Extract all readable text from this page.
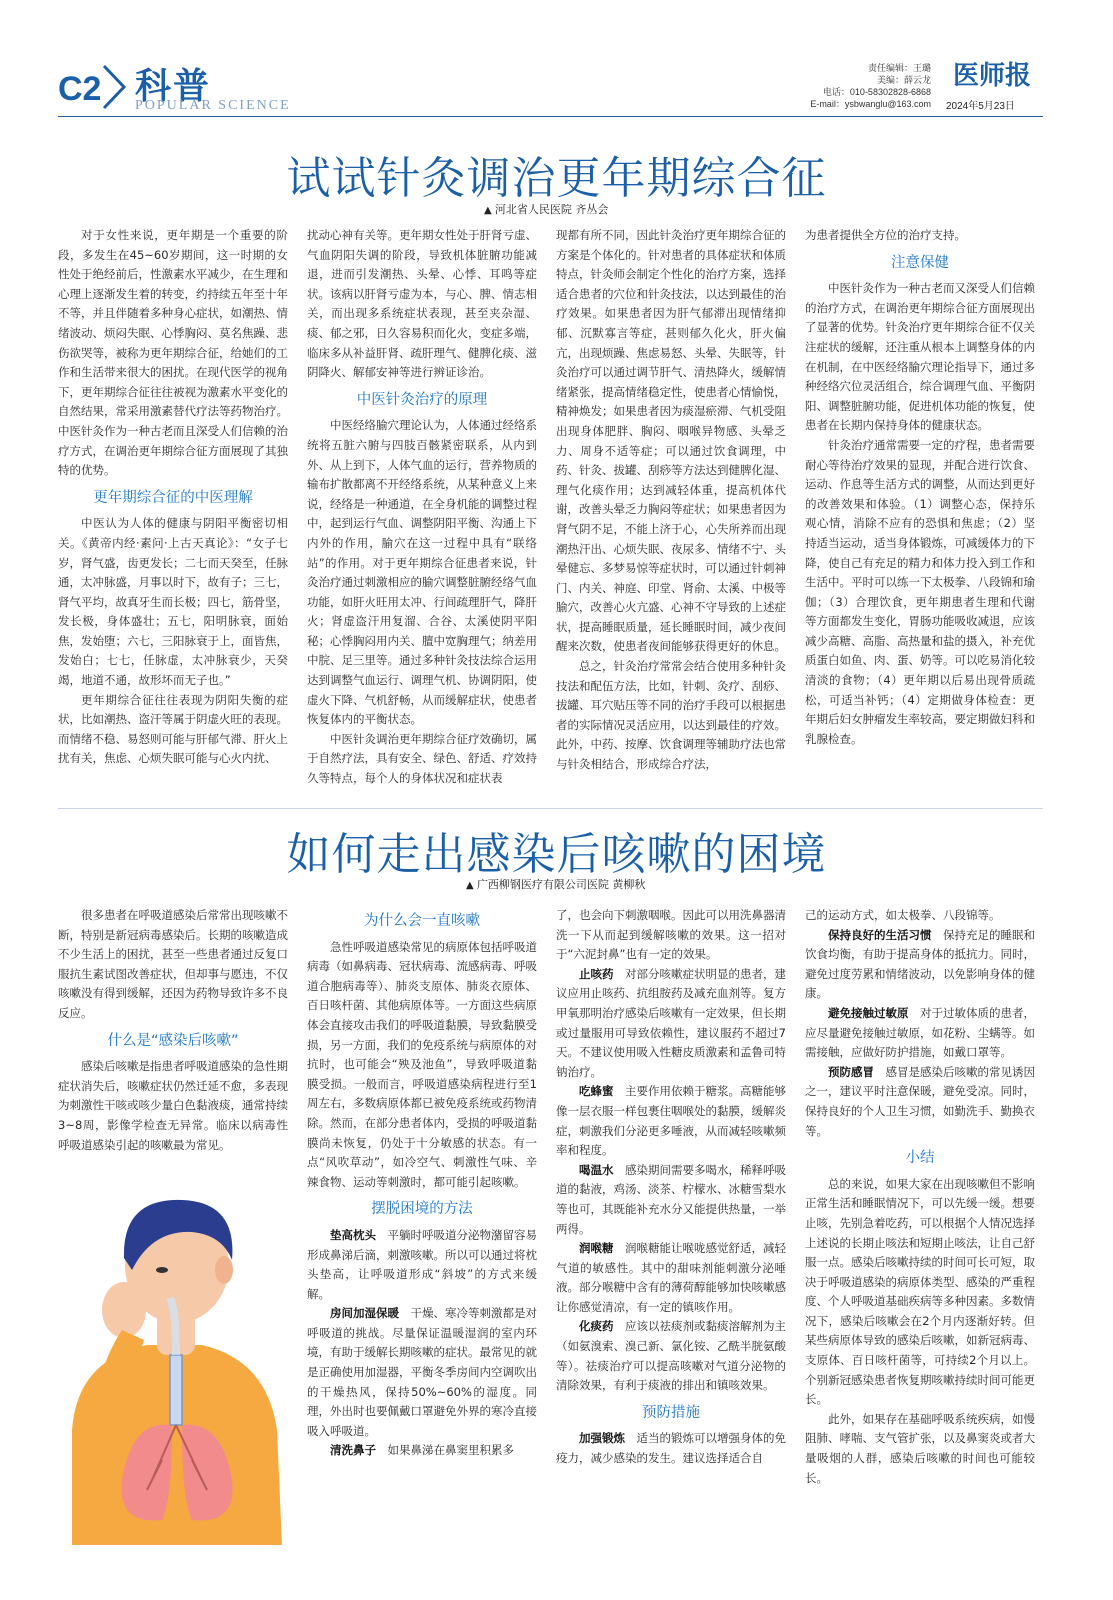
C2 科普
POPULAR SCIENCE
责任编辑：王璐
美编：薛云龙
电话：010-58302828-6868
E-mail：ysbwanglu@163.com
医师报
2024年5月23日
试试针灸调治更年期综合征
▲ 河北省人民医院 齐丛会

对于女性来说，更年期是一个重要的阶段，多发生在45~60岁期间，这一时期的女性处于绝经前后，性激素水平减少，在生理和心理上逐渐发生着的转变，约持续五年至十年不等，并且伴随着多种身心症状，如潮热、情绪波动、烦闷失眠、心悸胸闷、莫名焦躁、悲伤欲哭等，被称为更年期综合征，给她们的工作和生活带来很大的困扰。在现代医学的视角下，更年期综合征往往被视为激素水平变化的自然结果，常采用激素替代疗法等药物治疗。中医针灸作为一种古老而且深受人们信赖的治疗方式，在调治更年期综合征方面展现了其独特的优势。

更年期综合征的中医理解

中医认为人体的健康与阴阳平衡密切相关。《黄帝内经·素问·上古天真论》：“女子七岁，肾气盛，齿更发长；二七而天癸至，任脉通，太冲脉盛，月事以时下，故有子；三七，肾气平均，故真牙生而长极；四七，筋骨坚，发长极，身体盛壮；五七，阳明脉衰，面始焦，发始堕；六七，三阳脉衰于上，面皆焦，发始白；七七，任脉虚，太冲脉衰少，天癸竭，地道不通，故形坏而无子也。”

更年期综合征往往表现为阴阳失衡的症状，比如潮热、盗汗等属于阴虚火旺的表现。而情绪不稳、易怒则可能与肝郁气滞、肝火上扰有关，焦虑、心烦失眠可能与心火内扰、

扰动心神有关等。更年期女性处于肝肾亏虚、气血阴阳失调的阶段，导致机体脏腑功能减退，进而引发潮热、头晕、心悸、耳鸣等症状。该病以肝肾亏虚为本，与心、脾、情志相关，而出现多系统症状表现，甚至夹杂湿、痰、郁之邪，日久容易积而化火，变症多端，临床多从补益肝肾、疏肝理气、健脾化痰、滋阴降火、解郁安神等进行辨证诊治。

中医针灸治疗的原理

中医经络腧穴理论认为，人体通过经络系统将五脏六腑与四肢百骸紧密联系，从内到外、从上到下，人体气血的运行，营养物质的输布扩散都离不开经络系统，从某种意义上来说，经络是一种通道，在全身机能的调整过程中，起到运行气血、调整阴阳平衡、沟通上下内外的作用，腧穴在这一过程中具有“联络站”的作用。对于更年期综合征患者来说，针灸治疗通过刺激相应的腧穴调整脏腑经络气血功能，如肝火旺用太冲、行间疏理肝气，降肝火；肾虚盗汗用复溜、合谷、太溪使阴平阳秘；心悸胸闷用内关、膻中宽胸理气；纳差用中脘、足三里等。通过多种针灸技法综合运用达到调整气血运行、调理气机、协调阴阳，使虚火下降、气机舒畅，从而缓解症状，使患者恢复体内的平衡状态。

中医针灸调治更年期综合征疗效确切，属于自然疗法，具有安全、绿色、舒适、疗效持久等特点，每个人的身体状况和症状表

现都有所不同，因此针灸治疗更年期综合征的方案是个体化的。针对患者的具体症状和体质特点，针灸师会制定个性化的治疗方案，选择适合患者的穴位和针灸技法，以达到最佳的治疗效果。如果患者因为肝气郁滞出现情绪抑郁、沉默寡言等症，甚则郁久化火，肝火偏亢，出现烦躁、焦虑易怒、头晕、失眠等，针灸治疗可以通过调节肝气、清热降火，缓解情绪紧张，提高情绪稳定性，使患者心情愉悦，精神焕发；如果患者因为痰湿瘀滞、气机受阻出现身体肥胖、胸闷、咽喉异物感、头晕乏力、周身不适等症；可以通过饮食调理，中药、针灸、拔罐、刮痧等方法达到健脾化湿、理气化痰作用；达到减轻体重，提高机体代谢，改善头晕乏力胸闷等症状；如果患者因为肾气阴不足，不能上济于心，心失所养而出现潮热汗出、心烦失眠、夜尿多、情绪不宁、头晕健忘、多梦易惊等症状时，可以通过针刺神门、内关、神庭、印堂、肾俞、太溪、中极等腧穴，改善心火亢盛、心神不守导致的上述症状，提高睡眠质量，延长睡眠时间，减少夜间醒来次数，使患者夜间能够获得更好的休息。

总之，针灸治疗常常会结合使用多种针灸技法和配伍方法，比如，针刺、灸疗、刮痧、拔罐、耳穴贴压等不同的治疗手段可以根据患者的实际情况灵活应用，以达到最佳的疗效。此外，中药、按摩、饮食调理等辅助疗法也常与针灸相结合，形成综合疗法，

为患者提供全方位的治疗支持。

注意保健

中医针灸作为一种古老而又深受人们信赖的治疗方式，在调治更年期综合征方面展现出了显著的优势。针灸治疗更年期综合征不仅关注症状的缓解，还注重从根本上调整身体的内在机制，在中医经络腧穴理论指导下，通过多种经络穴位灵活组合，综合调理气血、平衡阴阳、调整脏腑功能，促进机体功能的恢复，使患者在长期内保持身体的健康状态。

针灸治疗通常需要一定的疗程，患者需要耐心等待治疗效果的显现，并配合进行饮食、运动、作息等生活方式的调整，从而达到更好的改善效果和体验。（1）调整心态，保持乐观心情，消除不应有的恐惧和焦虑；（2）坚持适当运动，适当身体锻炼，可减缓体力的下降，使自己有充足的精力和体力投入到工作和生活中。平时可以练一下太极拳、八段锦和瑜伽；（3）合理饮食，更年期患者生理和代谢等方面都发生变化，胃肠功能吸收减退，应该减少高糖、高脂、高热量和盐的摄入，补充优质蛋白如鱼、肉、蛋、奶等。可以吃易消化较清淡的食物；（4）更年期以后易出现骨质疏松，可适当补钙；（4）定期做身体检查：更年期后妇女肿瘤发生率较高，要定期做妇科和乳腺检查。

如何走出感染后咳嗽的困境
▲ 广西柳钢医疗有限公司医院 黄柳秋

很多患者在呼吸道感染后常常出现咳嗽不断，特别是新冠病毒感染后。长期的咳嗽造成不少生活上的困扰，甚至一些患者通过反复口服抗生素试图改善症状，但却事与愿违，不仅咳嗽没有得到缓解，还因为药物导致许多不良反应。

什么是“感染后咳嗽”

感染后咳嗽是指患者呼吸道感染的急性期症状消失后，咳嗽症状仍然迁延不愈，多表现为刺激性干咳或咳少量白色黏液痰，通常持续3~8周，影像学检查无异常。临床以病毒性呼吸道感染引起的咳嗽最为常见。

为什么会一直咳嗽

急性呼吸道感染常见的病原体包括呼吸道病毒（如鼻病毒、冠状病毒、流感病毒、呼吸道合胞病毒等）、肺炎支原体、肺炎衣原体、百日咳杆菌、其他病原体等。一方面这些病原体会直接攻击我们的呼吸道黏膜，导致黏膜受损，另一方面，我们的免疫系统与病原体的对抗时，也可能会“殃及池鱼”，导致呼吸道黏膜受损。一般而言，呼吸道感染病程进行至1周左右，多数病原体都已被免疫系统或药物清除。然而，在部分患者体内，受损的呼吸道黏膜尚未恢复，仍处于十分敏感的状态。有一点“风吹草动”，如冷空气、刺激性气味、辛辣食物、运动等刺激时，都可能引起咳嗽。

摆脱困境的方法

垫高枕头　平躺时呼吸道分泌物潴留容易形成鼻涕后滴，刺激咳嗽。所以可以通过将枕头垫高，让呼吸道形成“斜坡”的方式来缓解。

房间加湿保暖　干燥、寒冷等刺激都是对呼吸道的挑战。尽量保证温暖湿润的室内环境，有助于缓解长期咳嗽的症状。最常见的就是正确使用加湿器，平衡冬季房间内空调吹出的干燥热风，保持50%~60%的湿度。同理，外出时也要佩戴口罩避免外界的寒冷直接吸入呼吸道。

清洗鼻子　如果鼻涕在鼻窦里积累多

了，也会向下刺激咽喉。因此可以用洗鼻器清洗一下从而起到缓解咳嗽的效果。这一招对于“六泥封鼻”也有一定的效果。

止咳药　对部分咳嗽症状明显的患者，建议应用止咳药、抗组胺药及减充血剂等。复方甲氧那明治疗感染后咳嗽有一定效果，但长期或过量服用可导致依赖性，建议服药不超过7天。不建议使用吸入性糖皮质激素和孟鲁司特钠治疗。

吃蜂蜜　主要作用依赖于糖浆。高糖能够像一层衣服一样包裹住咽喉处的黏膜，缓解炎症，刺激我们分泌更多唾液，从而减轻咳嗽频率和程度。

喝温水　感染期间需要多喝水，稀释呼吸道的黏液，鸡汤、淡茶、柠檬水、冰糖雪梨水等也可，其既能补充水分又能提供热量，一举两得。

润喉糖　润喉糖能让喉咙感觉舒适，减轻气道的敏感性。其中的甜味剂能刺激分泌唾液。部分喉糖中含有的薄荷醇能够加快咳嗽感让你感觉清凉，有一定的镇咳作用。

化痰药　应该以祛痰剂或黏痰溶解剂为主（如氨溴索、溴己新、氯化铵、乙酰半胱氨酸等）。祛痰治疗可以提高咳嗽对气道分泌物的清除效果，有利于痰液的排出和镇咳效果。

预防措施

加强锻炼　适当的锻炼可以增强身体的免疫力，减少感染的发生。建议选择适合自

己的运动方式，如太极拳、八段锦等。

保持良好的生活习惯　保持充足的睡眠和饮食均衡，有助于提高身体的抵抗力。同时，避免过度劳累和情绪波动，以免影响身体的健康。

避免接触过敏原　对于过敏体质的患者，应尽量避免接触过敏原，如花粉、尘螨等。如需接触，应做好防护措施，如戴口罩等。

预防感冒　感冒是感染后咳嗽的常见诱因之一，建议平时注意保暖，避免受凉。同时，保持良好的个人卫生习惯，如勤洗手、勤换衣等。

小结

总的来说，如果大家在出现咳嗽但不影响正常生活和睡眠情况下，可以先缓一缓。想要止咳，先别急着吃药，可以根据个人情况选择上述说的长期止咳法和短期止咳法，让自己舒服一点。感染后咳嗽持续的时间可长可短，取决于呼吸道感染的病原体类型、感染的严重程度、个人呼吸道基础疾病等多种因素。多数情况下，感染后咳嗽会在2个月内逐渐好转。但某些病原体导致的感染后咳嗽，如新冠病毒、支原体、百日咳杆菌等，可持续2个月以上。个别新冠感染患者恢复期咳嗽持续时间可能更长。

此外，如果存在基础呼吸系统疾病，如慢阻肺、哮喘、支气管扩张，以及鼻窦炎或者大量吸烟的人群，感染后咳嗽的时间也可能较长。
